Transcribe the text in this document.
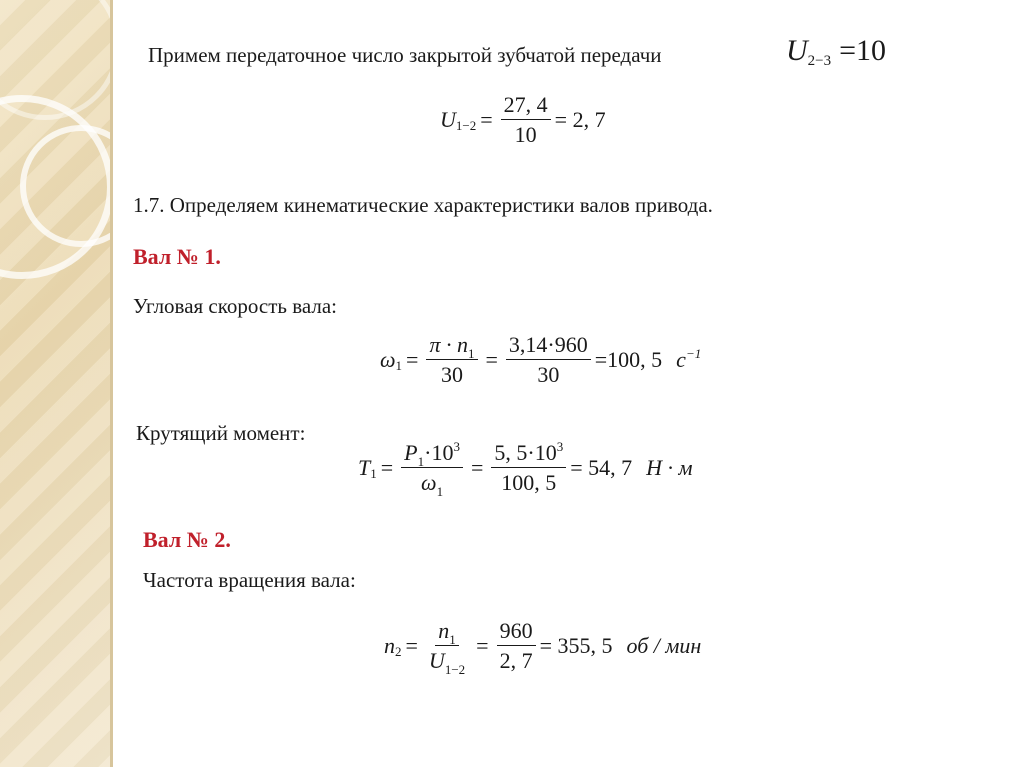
Примем передаточное число закрытой зубчатой передачи	U 2−3 =10
U $1-2 = \frac{27, 4}{10} = 2$, 7
1.7. Определяем кинематические характеристики валов привода.
Вал № 1.
Угловая скорость вала:
ω $1 = \frac{\pi \cdot n_1}{30} = \frac{3,14\cdot 960}{30} =100$, 5 $c^{-1}$
Крутящий момент:
T $1 = \frac{P_1\cdot 10^3}{\omega_1} = \frac{5, 5\cdot 10^3}{100, 5} = 54$, 7 Н · м
Вал № 2.
Частота вращения вала:
n $2 = \frac{n_1}{U_{1-2}} = \frac{960}{2, 7} = 355$, 5 об / мин
